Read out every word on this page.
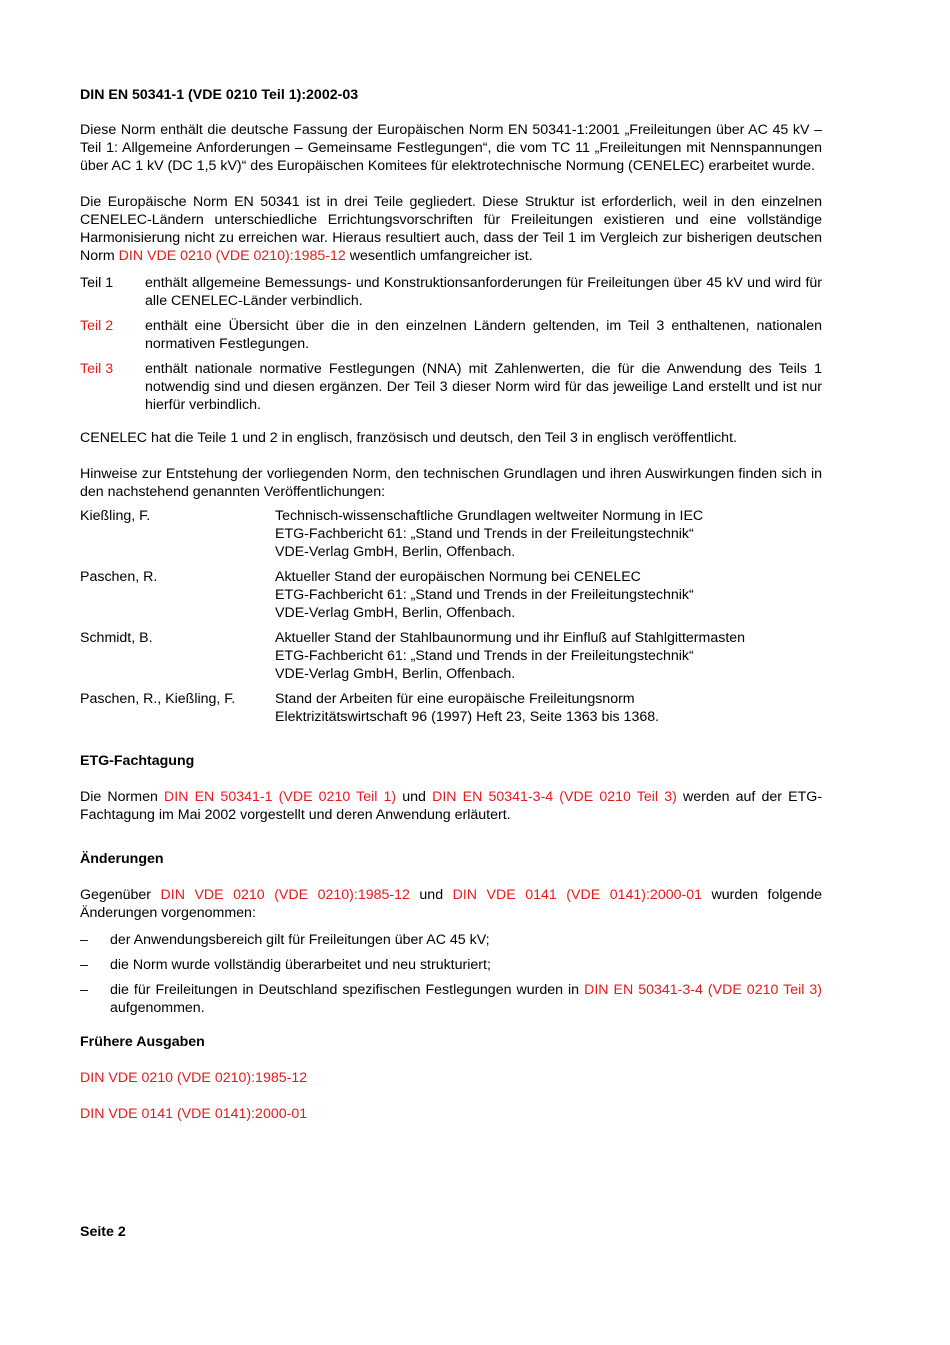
DIN EN 50341-1 (VDE 0210 Teil 1):2002-03

Diese Norm enthält die deutsche Fassung der Europäischen Norm EN 50341-1:2001 „Freileitungen über AC 45 kV – Teil 1: Allgemeine Anforderungen – Gemeinsame Festlegungen“, die vom TC 11 „Freileitungen mit Nennspannungen über AC 1 kV (DC 1,5 kV)“ des Europäischen Komitees für elektrotechnische Normung (CENELEC) erarbeitet wurde.

Die Europäische Norm EN 50341 ist in drei Teile gegliedert. Diese Struktur ist erforderlich, weil in den einzelnen CENELEC-Ländern unterschiedliche Errichtungsvorschriften für Freileitungen existieren und eine vollständige Harmonisierung nicht zu erreichen war. Hieraus resultiert auch, dass der Teil 1 im Vergleich zur bisherigen deutschen Norm DIN VDE 0210 (VDE 0210):1985-12 wesentlich umfangreicher ist.

Teil 1	enthält allgemeine Bemessungs- und Konstruktionsanforderungen für Freileitungen über 45 kV und wird für alle CENELEC-Länder verbindlich.
Teil 2	enthält eine Übersicht über die in den einzelnen Ländern geltenden, im Teil 3 enthaltenen, nationalen normativen Festlegungen.
Teil 3	enthält nationale normative Festlegungen (NNA) mit Zahlenwerten, die für die Anwendung des Teils 1 notwendig sind und diesen ergänzen. Der Teil 3 dieser Norm wird für das jeweilige Land erstellt und ist nur hierfür verbindlich.

CENELEC hat die Teile 1 und 2 in englisch, französisch und deutsch, den Teil 3 in englisch veröffentlicht.

Hinweise zur Entstehung der vorliegenden Norm, den technischen Grundlagen und ihren Auswirkungen finden sich in den nachstehend genannten Veröffentlichungen:

Kießling, F.	Technisch-wissenschaftliche Grundlagen weltweiter Normung in IEC
ETG-Fachbericht 61: „Stand und Trends in der Freileitungstechnik“
VDE-Verlag GmbH, Berlin, Offenbach.
Paschen, R.	Aktueller Stand der europäischen Normung bei CENELEC
ETG-Fachbericht 61: „Stand und Trends in der Freileitungstechnik“
VDE-Verlag GmbH, Berlin, Offenbach.
Schmidt, B.	Aktueller Stand der Stahlbaunormung und ihr Einfluß auf Stahlgittermasten
ETG-Fachbericht 61: „Stand und Trends in der Freileitungstechnik“
VDE-Verlag GmbH, Berlin, Offenbach.
Paschen, R., Kießling, F.	Stand der Arbeiten für eine europäische Freileitungsnorm
Elektrizitätswirtschaft 96 (1997) Heft 23, Seite 1363 bis 1368.
ETG-Fachtagung

Die Normen DIN EN 50341-1 (VDE 0210 Teil 1) und DIN EN 50341-3-4 (VDE 0210 Teil 3) werden auf der ETG-Fachtagung im Mai 2002 vorgestellt und deren Anwendung erläutert.

Änderungen

Gegenüber DIN VDE 0210 (VDE 0210):1985-12 und DIN VDE 0141 (VDE 0141):2000-01 wurden folgende Änderungen vorgenommen:

–	der Anwendungsbereich gilt für Freileitungen über AC 45 kV;
–	die Norm wurde vollständig überarbeitet und neu strukturiert;
–	die für Freileitungen in Deutschland spezifischen Festlegungen wurden in DIN EN 50341-3-4 (VDE 0210 Teil 3) aufgenommen.
Frühere Ausgaben

DIN VDE 0210 (VDE 0210):1985-12

DIN VDE 0141 (VDE 0141):2000-01

Seite 2
